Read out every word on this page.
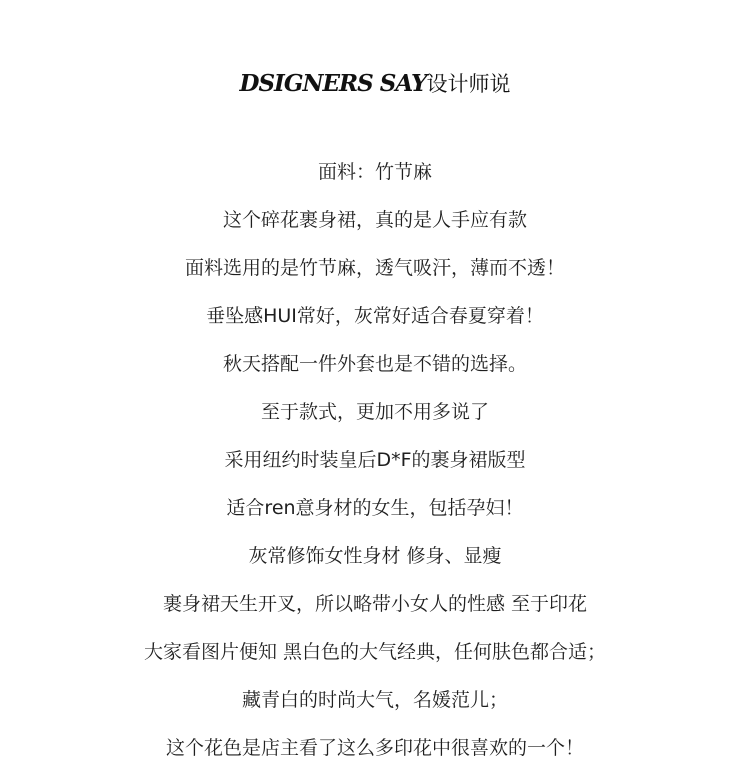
DSIGNERS SAY设计师说
面料：竹节麻
这个碎花裹身裙，真的是人手应有款
面料选用的是竹节麻，透气吸汗，薄而不透！
垂坠感HUI常好，灰常好适合春夏穿着！
秋天搭配一件外套也是不错的选择。
至于款式，更加不用多说了
采用纽约时装皇后D*F的裹身裙版型
适合ren意身材的女生，包括孕妇！
灰常修饰女性身材 修身、显瘦
裹身裙天生开叉，所以略带小女人的性感 至于印花
大家看图片便知 黑白色的大气经典，任何肤色都合适；
藏青白的时尚大气，名媛范儿；
这个花色是店主看了这么多印花中很喜欢的一个！
